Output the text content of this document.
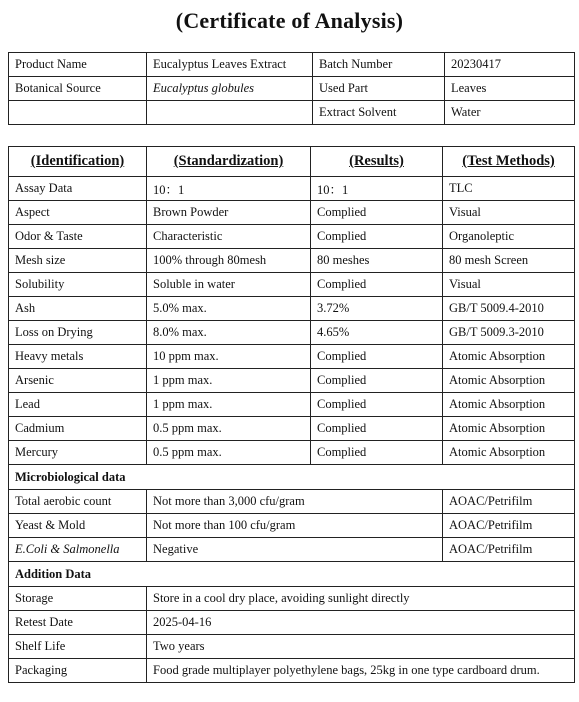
(Certificate of Analysis)
Product Name	Eucalyptus Leaves Extract	Batch Number	20230417
Botanical Source	Eucalyptus globules	Used Part	Leaves
		Extract Solvent	Water
(Identification)	(Standardization)	(Results)	(Test Methods)
Assay Data	10：1	10：1	TLC
Aspect	Brown Powder	Complied	Visual
Odor & Taste	Characteristic	Complied	Organoleptic
Mesh size	100% through 80mesh	80 meshes	80 mesh Screen
Solubility	Soluble in water	Complied	Visual
Ash	5.0% max.	3.72%	GB/T 5009.4-2010
Loss on Drying	8.0% max.	4.65%	GB/T 5009.3-2010
Heavy metals	10 ppm max.	Complied	Atomic Absorption
Arsenic	1 ppm max.	Complied	Atomic Absorption
Lead	1 ppm max.	Complied	Atomic Absorption
Cadmium	0.5 ppm max.	Complied	Atomic Absorption
Mercury	0.5 ppm max.	Complied	Atomic Absorption
Microbiological data			
Total aerobic count	Not more than 3,000 cfu/gram		AOAC/Petrifilm
Yeast & Mold	Not more than 100 cfu/gram		AOAC/Petrifilm
E.Coli & Salmonella	Negative		AOAC/Petrifilm
Addition Data			
Storage	Store in a cool dry place, avoiding sunlight directly		
Retest Date	2025-04-16		
Shelf Life	Two years		
Packaging	Food grade multiplayer polyethylene bags, 25kg in one type cardboard drum.		
